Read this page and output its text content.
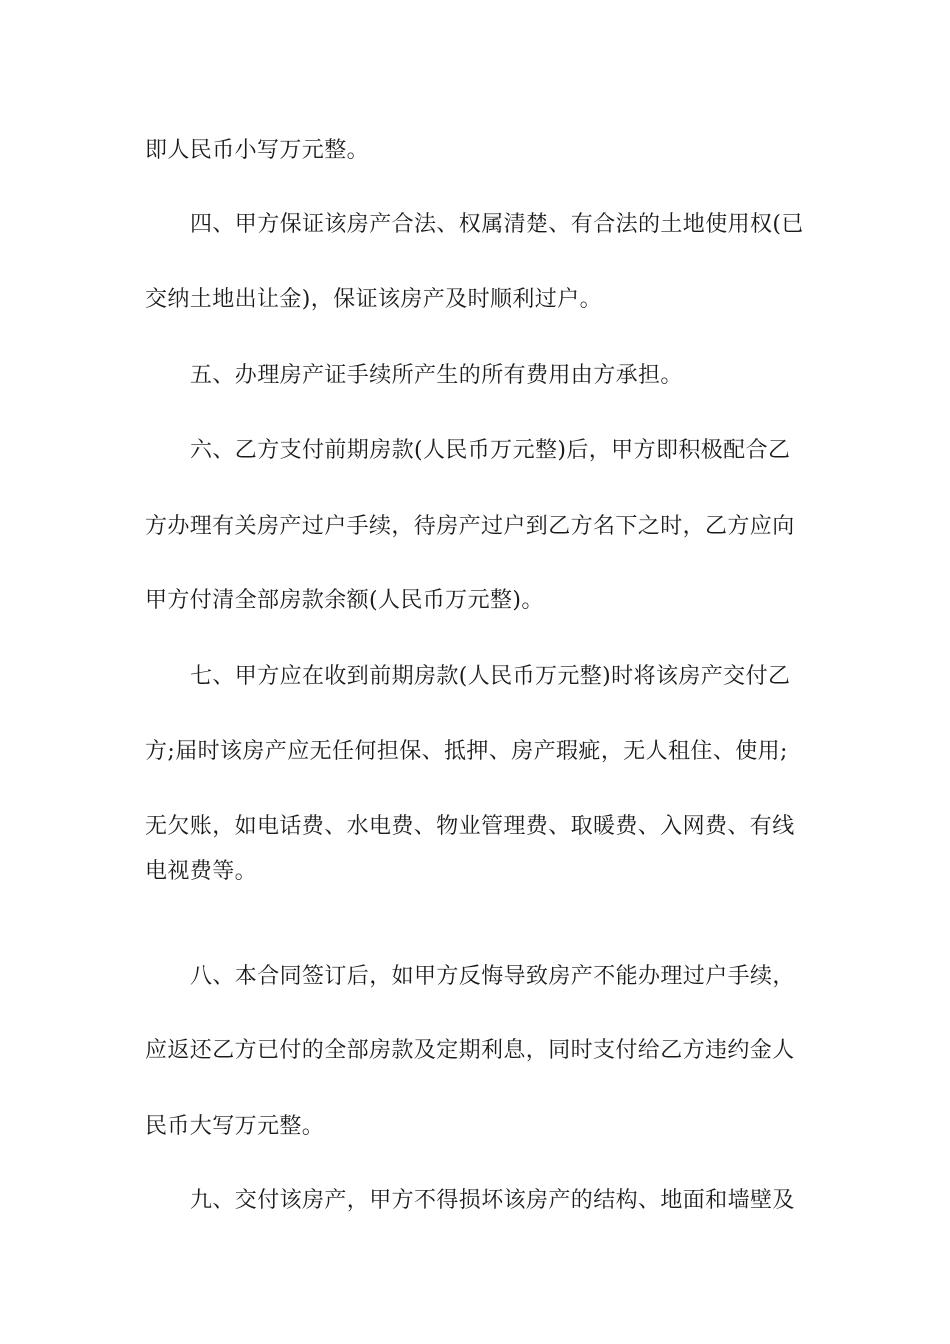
即人民币小写万元整。
四、甲方保证该房产合法、权属清楚、有合法的土地使用权(已
交纳土地出让金)，保证该房产及时顺利过户。
五、办理房产证手续所产生的所有费用由方承担。
六、乙方支付前期房款(人民币万元整)后，甲方即积极配合乙
方办理有关房产过户手续，待房产过户到乙方名下之时，乙方应向
甲方付清全部房款余额(人民币万元整)。
七、甲方应在收到前期房款(人民币万元整)时将该房产交付乙
方;届时该房产应无任何担保、抵押、房产瑕疵，无人租住、使用;
无欠账，如电话费、水电费、物业管理费、取暖费、入网费、有线
电视费等。
八、本合同签订后，如甲方反悔导致房产不能办理过户手续，
应返还乙方已付的全部房款及定期利息，同时支付给乙方违约金人
民币大写万元整。
九、交付该房产，甲方不得损坏该房产的结构、地面和墙壁及
